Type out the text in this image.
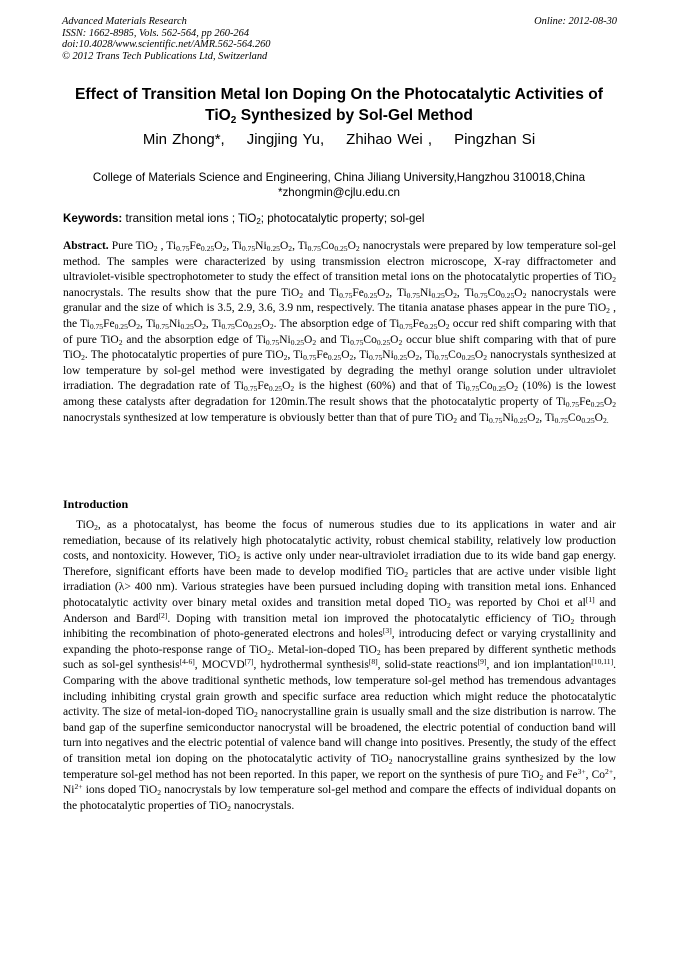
Advanced Materials Research
ISSN: 1662-8985, Vols. 562-564, pp 260-264
doi:10.4028/www.scientific.net/AMR.562-564.260
© 2012 Trans Tech Publications Ltd, Switzerland
Online: 2012-08-30
Effect of Transition Metal Ion Doping On the Photocatalytic Activities of
TiO$_2$ Synthesized by Sol-Gel Method
Min Zhong*, Jingjing Yu, Zhihao Wei , Pingzhan Si
College of Materials Science and Engineering, China Jiliang University,Hangzhou 310018,China
*zhongmin@cjlu.edu.cn
Keywords: transition metal ions ; TiO$_2$; photocatalytic property; sol-gel
Abstract. Pure TiO$_2$ , $Ti_{0.75}Fe_{0.25}O_2$, $Ti_{0.75}Ni_{0.25}O_2$, $Ti_{0.75}Co_{0.25}O_2$ nanocrystals were prepared by low temperature sol-gel method. The samples were characterized by using transmission electron microscope, X-ray diffractometer and ultraviolet-visible spectrophotometer to study the effect of transition metal ions on the photocatalytic properties of TiO$_2$ nanocrystals. The results show that the pure TiO$_2$ and $Ti_{0.75}Fe_{0.25}O_2$, $Ti_{0.75}Ni_{0.25}O_2$, $Ti_{0.75}Co_{0.25}O_2$ nanocrystals were granular and the size of which is 3.5, 2.9, 3.6, 3.9 nm, respectively. The titania anatase phases appear in the pure TiO$_2$ , the $Ti_{0.75}Fe_{0.25}O_2$, $Ti_{0.75}Ni_{0.25}O_2$, $Ti_{0.75}Co_{0.25}O_2$. The absorption edge of $Ti_{0.75}Fe_{0.25}O_2$ occur red shift comparing with that of pure TiO$_2$ and the absorption edge of $Ti_{0.75}Ni_{0.25}O_2$ and $Ti_{0.75}Co_{0.25}O_2$ occur blue shift comparing with that of pure TiO$_2$. The photocatalytic properties of pure TiO$_2$, $Ti_{0.75}Fe_{0.25}O_2$, $Ti_{0.75}Ni_{0.25}O_2$, $Ti_{0.75}Co_{0.25}O_2$ nanocrystals synthesized at low temperature by sol-gel method were investigated by degrading the methyl orange solution under ultraviolet irradiation. The degradation rate of $Ti_{0.75}Fe_{0.25}O_2$ is the highest (60%) and that of $Ti_{0.75}Co_{0.25}O_2$ (10%) is the lowest among these catalysts after degradation for 120min.The result shows that the photocatalytic property of $Ti_{0.75}Fe_{0.25}O_2$ nanocrystals synthesized at low temperature is obviously better than that of pure TiO$_2$ and $Ti_{0.75}Ni_{0.25}O_2$, $Ti_{0.75}Co_{0.25}O_{2.}$
Introduction
TiO$_2$, as a photocatalyst, has beome the focus of numerous studies due to its applications in water and air remediation, because of its relatively high photocatalytic activity, robust chemical stability, relatively low production costs, and nontoxicity. However, TiO$_2$ is active only under near-ultraviolet irradiation due to its wide band gap energy. Therefore, significant efforts have been made to develop modified TiO$_2$ particles that are active under visible light irradiation (λ> 400 nm). Various strategies have been pursued including doping with transition metal ions. Enhanced photocatalytic activity over binary metal oxides and transition metal doped TiO$_2$ was reported by Choi et al[1] and Anderson and Bard[2]. Doping with transition metal ion improved the photocatalytic efficiency of TiO$_2$ through inhibiting the recombination of photo-generated electrons and holes[3], introducing defect or varying crystallinity and expanding the photo-response range of TiO$_2$. Metal-ion-doped TiO$_2$ has been prepared by different synthetic methods such as sol-gel synthesis[4-6], MOCVD[7], hydrothermal synthesis[8], solid-state reactions[9], and ion implantation[10,11]. Comparing with the above traditional synthetic methods, low temperature sol-gel method has tremendous advantages including inhibiting crystal grain growth and specific surface area reduction which might reduce the photocatalytic activity. The size of metal-ion-doped TiO$_2$ nanocrystalline grain is usually small and the size distribution is narrow. The band gap of the superfine semiconductor nanocrystal will be broadened, the electric potential of conduction band will turn into negatives and the electric potential of valence band will change into positives. Presently, the study of the effect of transition metal ion doping on the photocatalytic activity of TiO$_2$ nanocrystalline grains synthesized by the low temperature sol-gel method has not been reported. In this paper, we report on the synthesis of pure TiO$_2$ and $Fe^{3+}$, $Co^{2+}$, $Ni^{2+}$ ions doped TiO$_2$ nanocrystals by low temperature sol-gel method and compare the effects of individual dopants on the photocatalytic properties of TiO$_2$ nanocrystals.
